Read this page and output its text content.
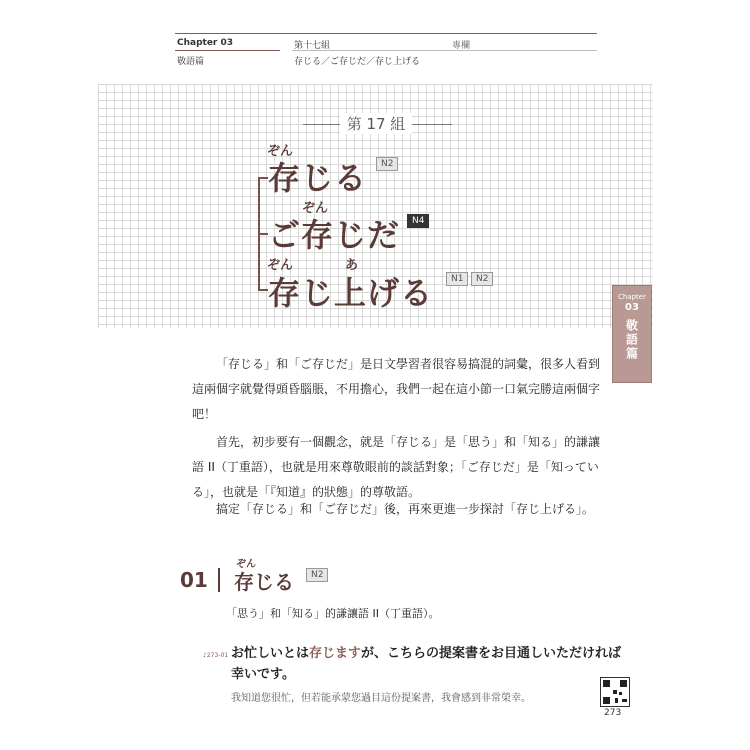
Chapter 03
敬語篇
第十七組
存じる／ご存じだ／存じ上げる
專欄
第 17 組
ぞん
存じる	N2
ぞん
ご存じだ	N4
ぞん	あ
存じ上げる	N1	N2
Chapter
03
敬語篇
「存じる」和「ご存じだ」是日文學習者很容易搞混的詞彙，很多人看到這兩個字就覺得頭昏腦脹，不用擔心，我們一起在這小節一口氣完勝這兩個字吧！
首先，初步要有一個觀念，就是「存じる」是「思う」和「知る」的謙讓語 II（丁重語），也就是用來尊敬眼前的談話對象；「ご存じだ」是「知っている」，也就是「『知道』的狀態」的尊敬語。
搞定「存じる」和「ご存じだ」後，再來更進一步探討「存じ上げる」。
01
ぞん
存じる	N2
「思う」和「知る」的謙讓語 II（丁重語）。
♪273-01 お忙しいとは存じますが、こちらの提案書をお目通しいただければ
幸いです。
我知道您很忙，但若能承蒙您過目這份提案書，我會感到非常榮幸。
273
